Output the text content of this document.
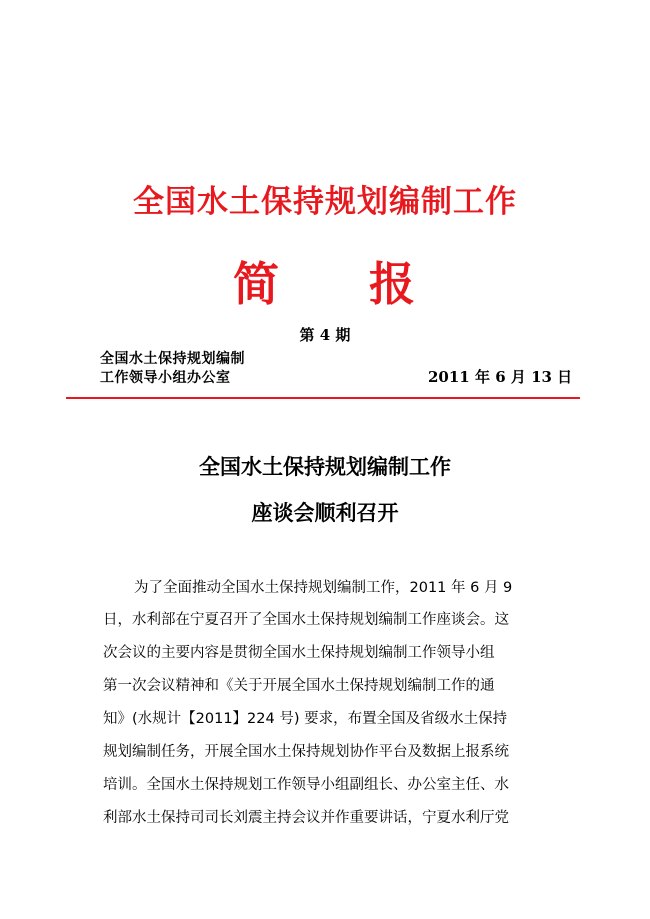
全国水土保持规划编制工作
简 报
第 4 期
全国水土保持规划编制
工作领导小组办公室	2011 年 6 月 13 日
全国水土保持规划编制工作
座谈会顺利召开
为了全面推动全国水土保持规划编制工作，2011 年 6 月 9
日，水利部在宁夏召开了全国水土保持规划编制工作座谈会。这
次会议的主要内容是贯彻全国水土保持规划编制工作领导小组
第一次会议精神和《关于开展全国水土保持规划编制工作的通
知》(水规计【2011】224 号) 要求，布置全国及省级水土保持
规划编制任务，开展全国水土保持规划协作平台及数据上报系统
培训。全国水土保持规划工作领导小组副组长、办公室主任、水
利部水土保持司司长刘震主持会议并作重要讲话，宁夏水利厅党
